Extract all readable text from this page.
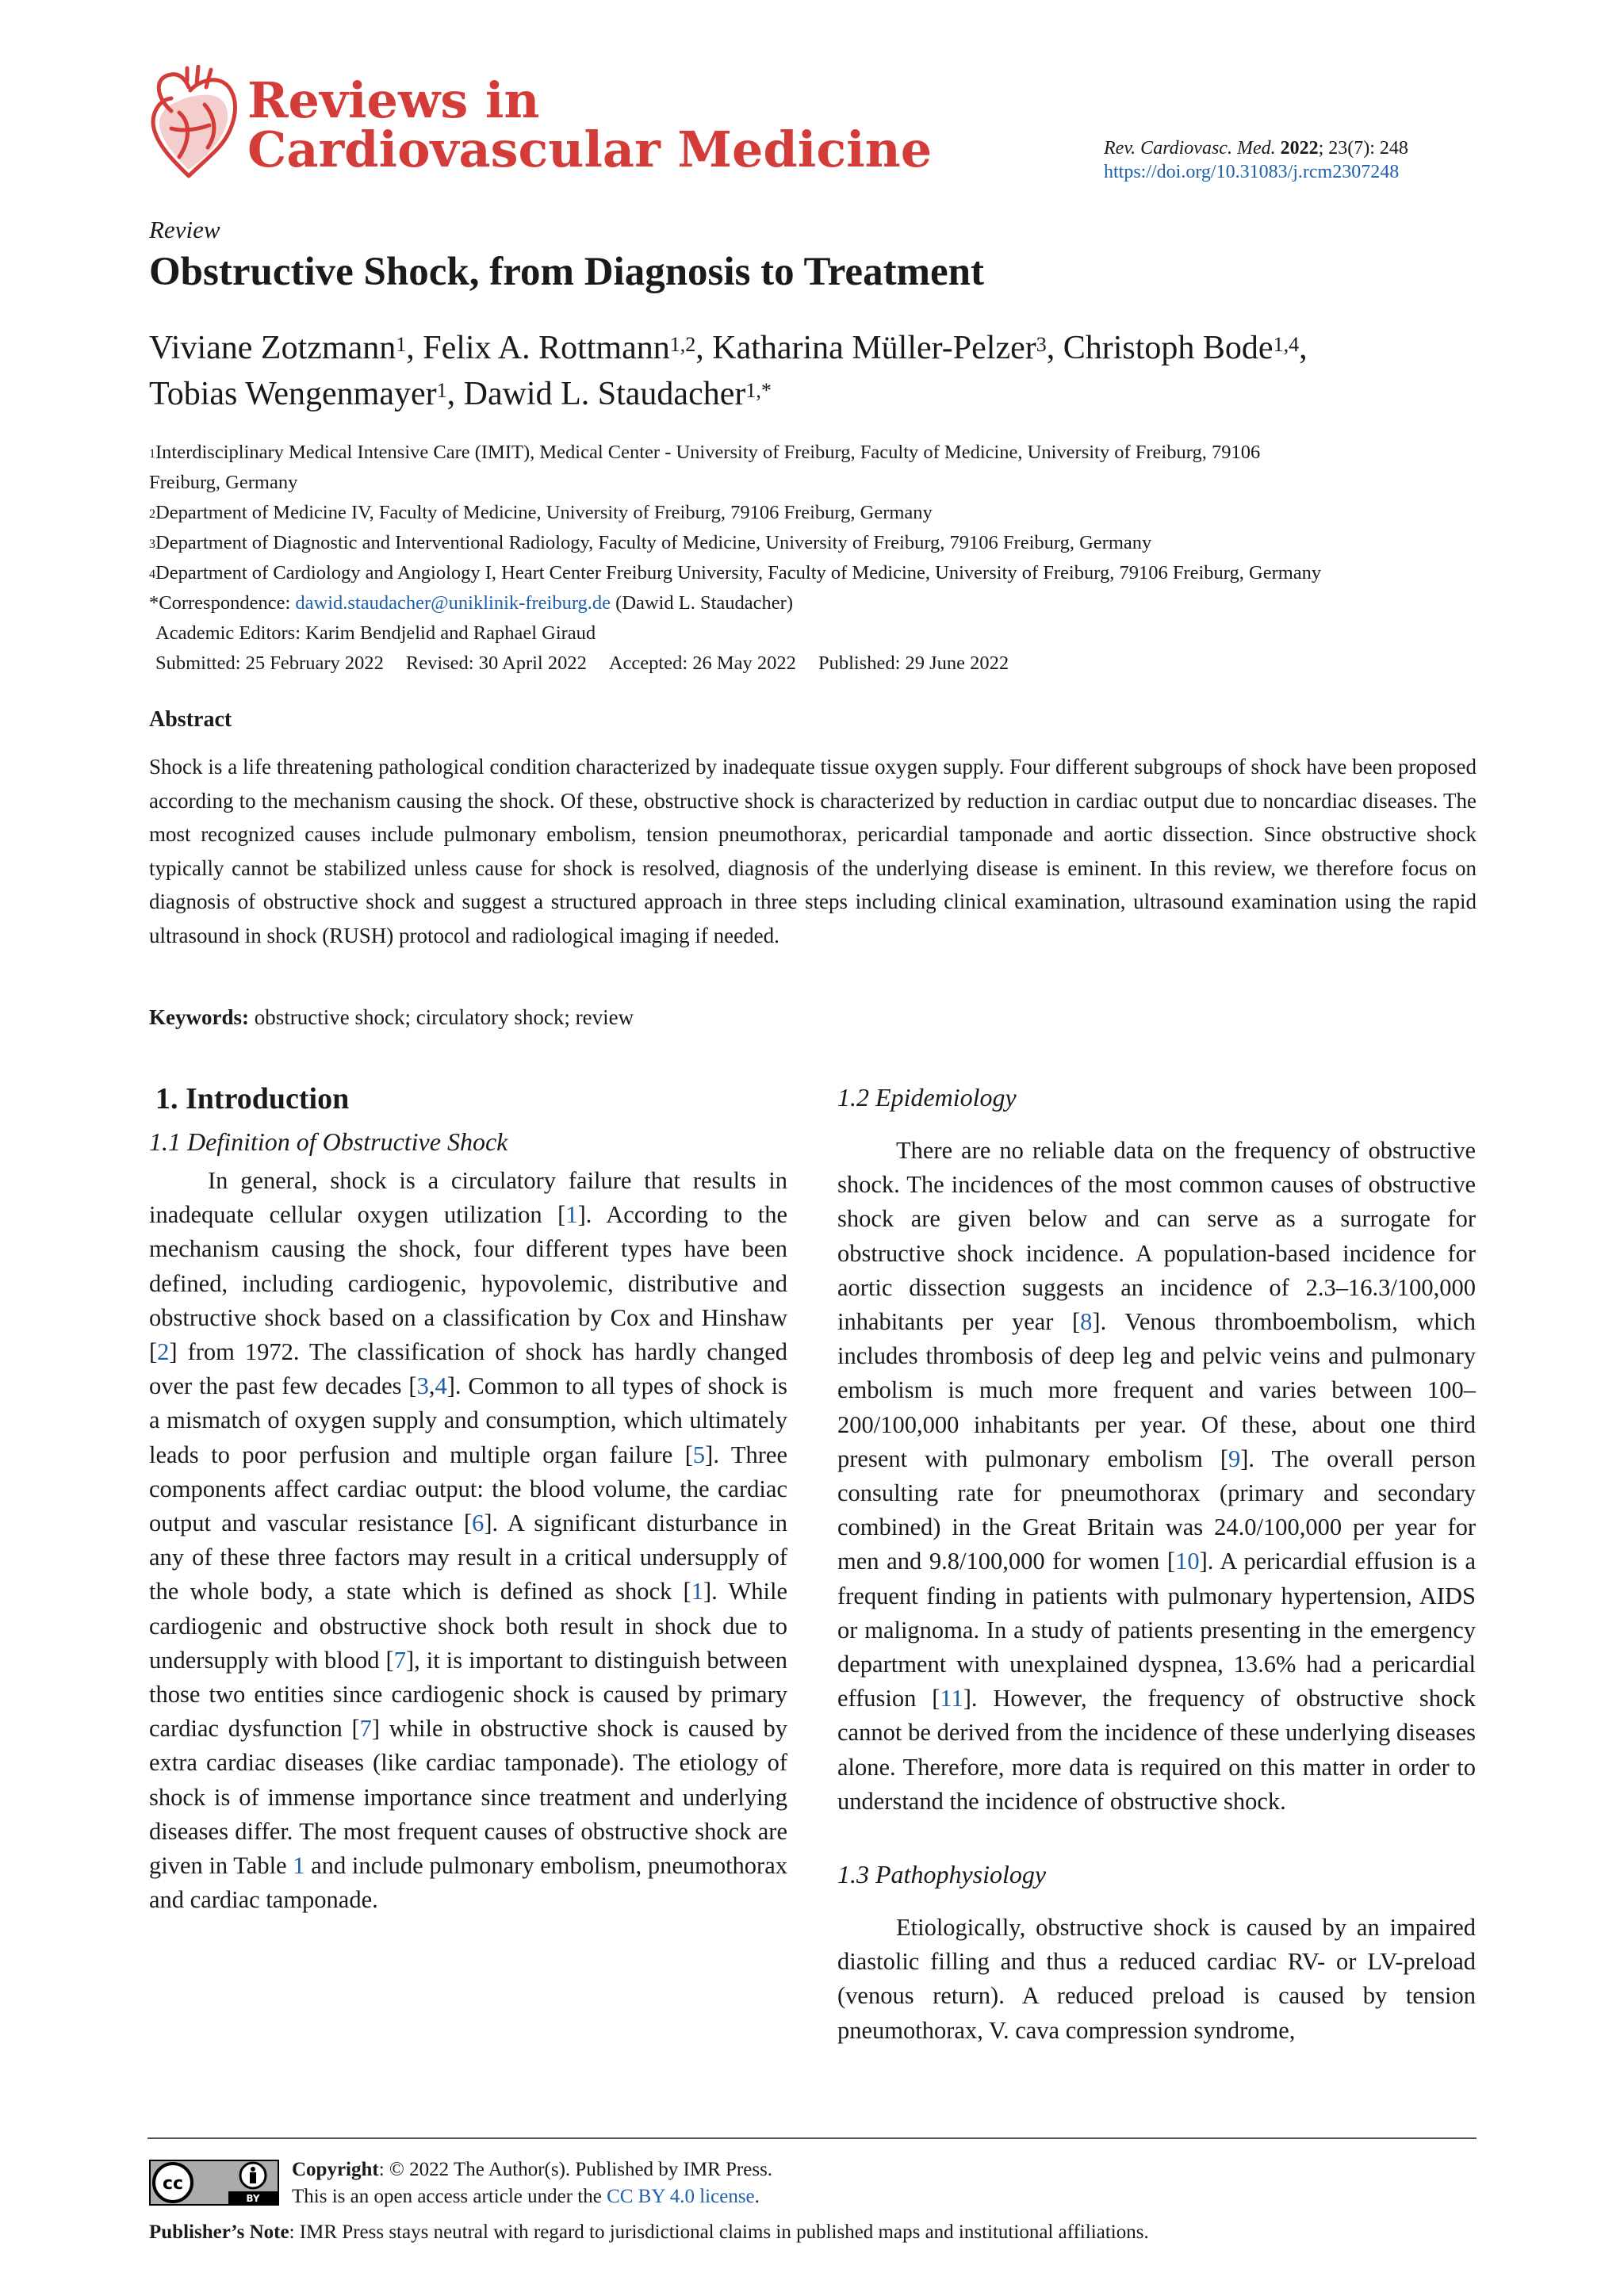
Reviews in
Cardiovascular Medicine	Rev. Cardiovasc. Med. 2022; 23(7): 248
https://doi.org/10.31083/j.rcm2307248
Review
Obstructive Shock, from Diagnosis to Treatment
Viviane Zotzmann$^1$, Felix A. Rottmann$^{1,2}$, Katharina Müller-Pelzer$^3$, Christoph Bode$^{1,4}$,
Tobias Wengenmayer$^1$, Dawid L. Staudacher$^{1,*}$
$^1$Interdisciplinary Medical Intensive Care (IMIT), Medical Center - University of Freiburg, Faculty of Medicine, University of Freiburg, 79106
Freiburg, Germany
$^2$Department of Medicine IV, Faculty of Medicine, University of Freiburg, 79106 Freiburg, Germany
$^3$Department of Diagnostic and Interventional Radiology, Faculty of Medicine, University of Freiburg, 79106 Freiburg, Germany
$^4$Department of Cardiology and Angiology I, Heart Center Freiburg University, Faculty of Medicine, University of Freiburg, 79106 Freiburg, Germany
*Correspondence: dawid.staudacher@uniklinik-freiburg.de (Dawid L. Staudacher)
Academic Editors: Karim Bendjelid and Raphael Giraud
Submitted: 25 February 2022 Revised: 30 April 2022 Accepted: 26 May 2022 Published: 29 June 2022
Abstract

Shock is a life threatening pathological condition characterized by inadequate tissue oxygen supply. Four different subgroups of shock have been proposed according to the mechanism causing the shock. Of these, obstructive shock is characterized by reduction in cardiac output due to noncardiac diseases. The most recognized causes include pulmonary embolism, tension pneumothorax, pericardial tamponade and aortic dissection. Since obstructive shock typically cannot be stabilized unless cause for shock is resolved, diagnosis of the underlying disease is eminent. In this review, we therefore focus on diagnosis of obstructive shock and suggest a structured approach in three steps including clinical examination, ultrasound examination using the rapid ultrasound in shock (RUSH) protocol and radiological imaging if needed.

Keywords: obstructive shock; circulatory shock; review
1. Introduction
1.1 Definition of Obstructive Shock

In general, shock is a circulatory failure that results in inadequate cellular oxygen utilization [1]. According to the mechanism causing the shock, four different types have been defined, including cardiogenic, hypovolemic, distributive and obstructive shock based on a classification by Cox and Hinshaw [2] from 1972. The classification of shock has hardly changed over the past few decades [3,4]. Common to all types of shock is a mismatch of oxygen supply and consumption, which ultimately leads to poor perfusion and multiple organ failure [5]. Three components affect cardiac output: the blood volume, the cardiac output and vascular resistance [6]. A significant disturbance in any of these three factors may result in a critical undersupply of the whole body, a state which is defined as shock [1]. While cardiogenic and obstructive shock both result in shock due to undersupply with blood [7], it is important to distinguish between those two entities since cardiogenic shock is caused by primary cardiac dysfunction [7] while in obstructive shock is caused by extra cardiac diseases (like cardiac tamponade). The etiology of shock is of immense importance since treatment and underlying diseases differ. The most frequent causes of obstructive shock are given in Table 1 and include pulmonary embolism, pneumothorax and cardiac tamponade.

1.2 Epidemiology

There are no reliable data on the frequency of obstructive shock. The incidences of the most common causes of obstructive shock are given below and can serve as a surrogate for obstructive shock incidence. A population-based incidence for aortic dissection suggests an incidence of 2.3–16.3/100,000 inhabitants per year [8]. Venous thromboembolism, which includes thrombosis of deep leg and pelvic veins and pulmonary embolism is much more frequent and varies between 100–200/100,000 inhabitants per year. Of these, about one third present with pulmonary embolism [9]. The overall person consulting rate for pneumothorax (primary and secondary combined) in the Great Britain was 24.0/100,000 per year for men and 9.8/100,000 for women [10]. A pericardial effusion is a frequent finding in patients with pulmonary hypertension, AIDS or malignoma. In a study of patients presenting in the emergency department with unexplained dyspnea, 13.6% had a pericardial effusion [11]. However, the frequency of obstructive shock cannot be derived from the incidence of these underlying diseases alone. Therefore, more data is required on this matter in order to understand the incidence of obstructive shock.

1.3 Pathophysiology

Etiologically, obstructive shock is caused by an impaired diastolic filling and thus a reduced cardiac RV- or LV-preload (venous return). A reduced preload is caused by tension pneumothorax, V. cava compression syndrome,

BY
cc
Copyright: © 2022 The Author(s). Published by IMR Press.
This is an open access article under the CC BY 4.0 license.
Publisher’s Note: IMR Press stays neutral with regard to jurisdictional claims in published maps and institutional affiliations.
